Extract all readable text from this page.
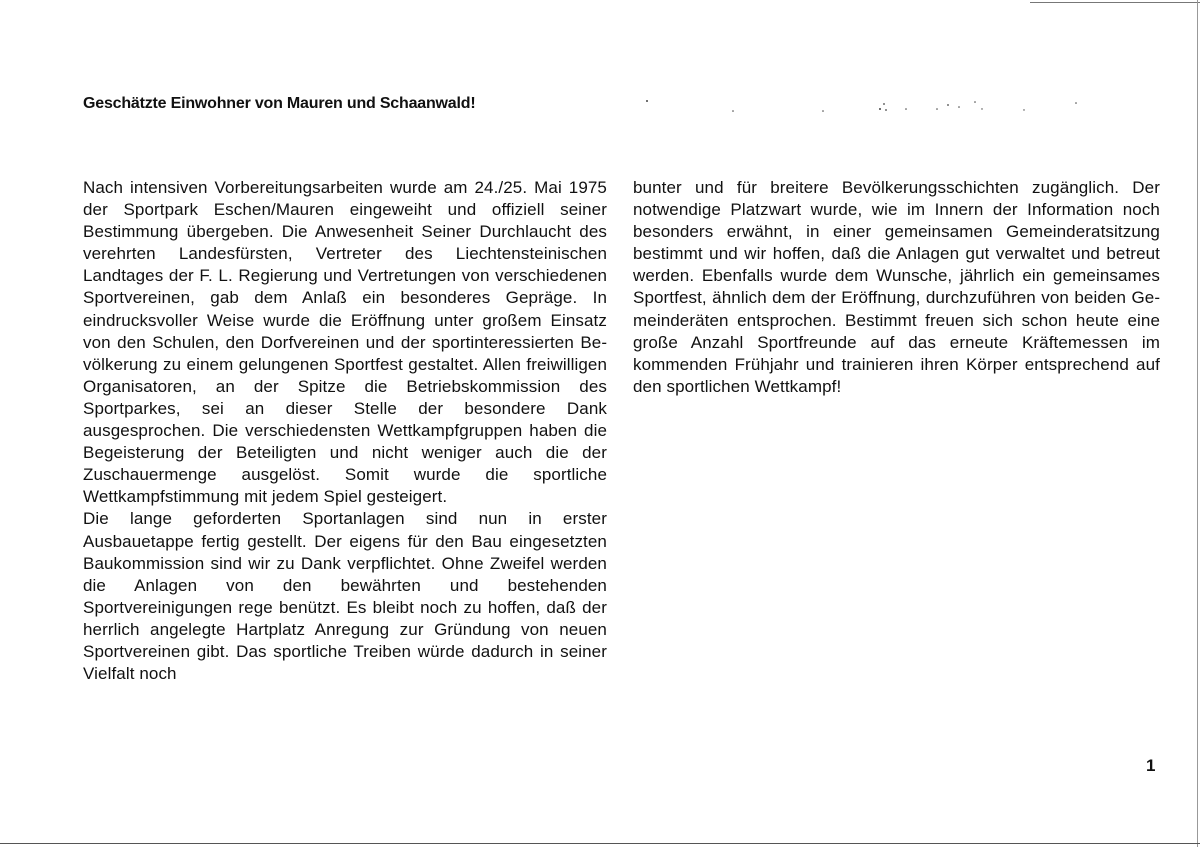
Geschätzte Einwohner von Mauren und Schaanwald!

Nach intensiven Vorbereitungsarbeiten wurde am 24./25. Mai 1975 der Sportpark Eschen/Mauren eingeweiht und offiziell seiner Bestimmung übergeben. Die Anwesenheit Seiner Durchlaucht des verehrten Landesfürsten, Vertreter des Liechtensteinischen Landtages der F. L. Regierung und Vertretungen von verschiedenen Sportvereinen, gab dem Anlaß ein besonderes Gepräge. In eindrucksvoller Weise wurde die Eröffnung unter großem Einsatz von den Schulen, den Dorfvereinen und der sportinteressierten Bevölkerung zu einem gelungenen Sportfest gestaltet. Allen freiwilligen Organisatoren, an der Spitze die Betriebskommission des Sportparkes, sei an dieser Stelle der besondere Dank ausgesprochen. Die verschiedensten Wettkampfgruppen haben die Begeisterung der Beteiligten und nicht weniger auch die der Zuschauermenge ausgelöst. Somit wurde die sportliche Wettkampfstimmung mit jedem Spiel gesteigert.

Die lange geforderten Sportanlagen sind nun in erster Ausbauetappe fertig gestellt. Der eigens für den Bau eingesetzten Baukommission sind wir zu Dank verpflichtet. Ohne Zweifel werden die Anlagen von den bewährten und bestehenden Sportvereinigungen rege benützt. Es bleibt noch zu hoffen, daß der herrlich angelegte Hartplatz Anregung zur Gründung von neuen Sportvereinen gibt. Das sportliche Treiben würde dadurch in seiner Vielfalt noch

bunter und für breitere Bevölkerungsschichten zugänglich. Der notwendige Platzwart wurde, wie im Innern der Information noch besonders erwähnt, in einer gemeinsamen Gemeinderatsitzung bestimmt und wir hoffen, daß die Anlagen gut verwaltet und betreut werden. Ebenfalls wurde dem Wunsche, jährlich ein gemeinsames Sportfest, ähnlich dem der Eröffnung, durchzuführen von beiden Gemeinderäten entsprochen. Bestimmt freuen sich schon heute eine große Anzahl Sportfreunde auf das erneute Kräftemessen im kommenden Frühjahr und trainieren ihren Körper entsprechend auf den sportlichen Wettkampf!

1
